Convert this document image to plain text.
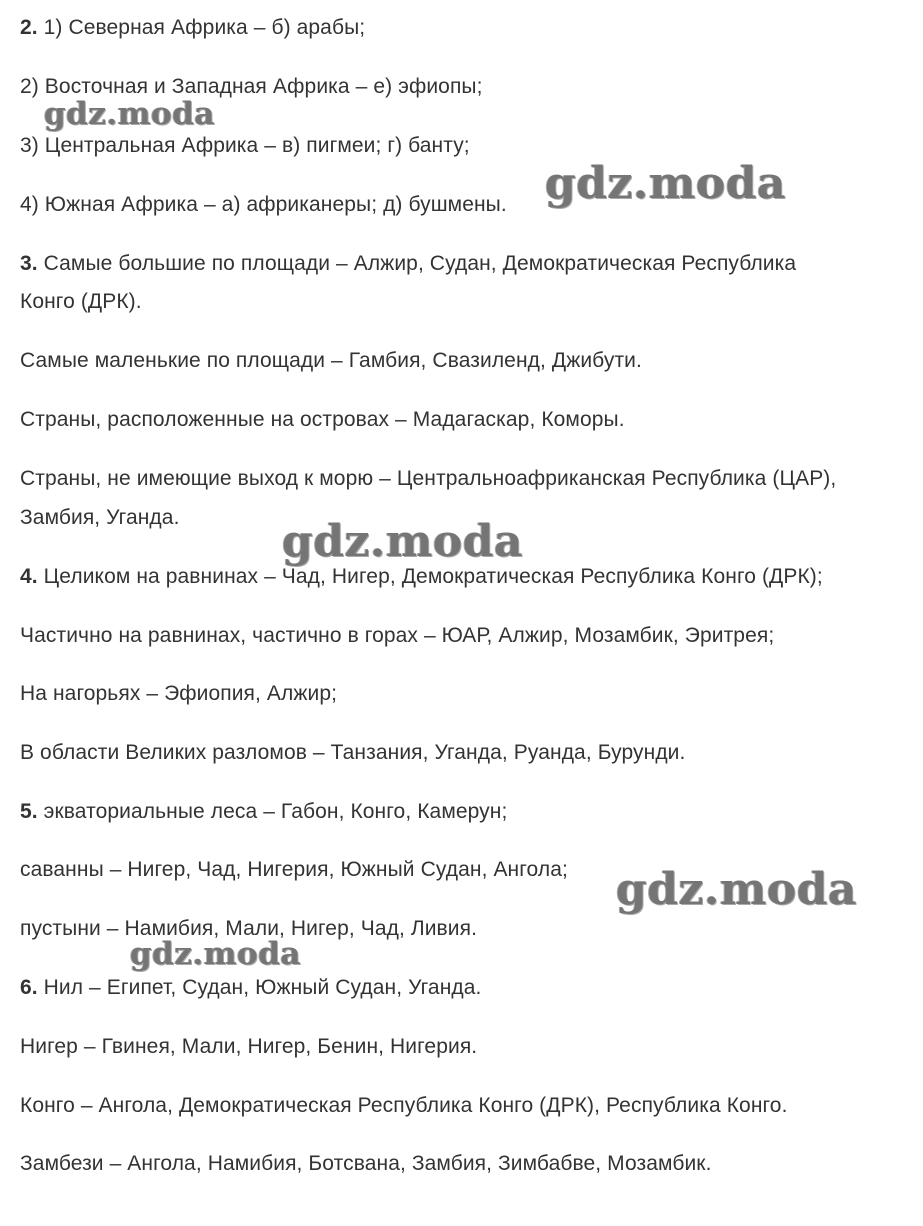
2. 1) Северная Африка – б) арабы;
2) Восточная и Западная Африка – е) эфиопы;
3) Центральная Африка – в) пигмеи; г) банту;
4) Южная Африка – а) африканеры; д) бушмены.
3. Самые большие по площади – Алжир, Судан, Демократическая Республика
Конго (ДРК).
Самые маленькие по площади – Гамбия, Свазиленд, Джибути.
Страны, расположенные на островах – Мадагаскар, Коморы.
Страны, не имеющие выход к морю – Центральноафриканская Республика (ЦАР),
Замбия, Уганда.
4. Целиком на равнинах – Чад, Нигер, Демократическая Республика Конго (ДРК);
Частично на равнинах, частично в горах – ЮАР, Алжир, Мозамбик, Эритрея;
На нагорьях – Эфиопия, Алжир;
В области Великих разломов – Танзания, Уганда, Руанда, Бурунди.
5. экваториальные леса – Габон, Конго, Камерун;
саванны – Нигер, Чад, Нигерия, Южный Судан, Ангола;
пустыни – Намибия, Мали, Нигер, Чад, Ливия.
6. Нил – Египет, Судан, Южный Судан, Уганда.
Нигер – Гвинея, Мали, Нигер, Бенин, Нигерия.
Конго – Ангола, Демократическая Республика Конго (ДРК), Республика Конго.
Замбези – Ангола, Намибия, Ботсвана, Замбия, Зимбабве, Мозамбик.
gdz.moda
gdz.moda
gdz.moda
gdz.moda
gdz.moda
